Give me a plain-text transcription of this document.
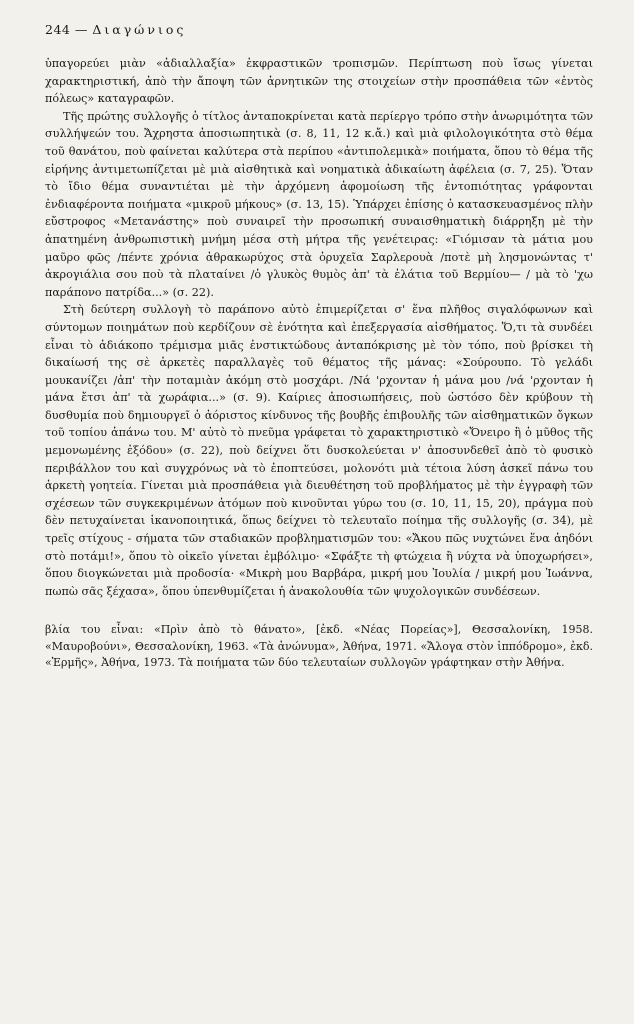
244 — Διαγώνιος

ὑπαγορεύει μιὰν «ἀδιαλλαξία» ἐκφραστικῶν τροπισμῶν. Περίπτωση ποὺ ἴσως γίνεται χαρακτηριστική, ἀπὸ τὴν ἄποψη τῶν ἀρνητικῶν της στοιχείων στὴν προσπάθεια τῶν «ἐντὸς πόλεως» καταγραφῶν.

Τῆς πρώτης συλλογῆς ὁ τίτλος ἀνταποκρίνεται κατὰ περίεργο τρόπο στὴν ἀνωριμότητα τῶν συλλήψεών του. Ἄχρηστα ἀποσιωπητικὰ (σ. 8, 11, 12 κ.ἄ.) καὶ μιὰ φιλολογικότητα στὸ θέμα τοῦ θανάτου, ποὺ φαίνεται καλύτερα στὰ περίπου «ἀντιπολεμικὰ» ποιήματα, ὅπου τὸ θέμα τῆς εἰρήνης ἀντιμετωπίζεται μὲ μιὰ αἰσθητικὰ καὶ νοηματικὰ ἀδικαίωτη ἀφέλεια (σ. 7, 25). Ὅταν τὸ ἴδιο θέμα συναντιέται μὲ τὴν ἀρχόμενη ἀφομοίωση τῆς ἐντοπιότητας γράφονται ἐνδιαφέροντα ποιήματα «μικροῦ μήκους» (σ. 13, 15). Ὑπάρχει ἐπίσης ὁ κατασκευασμένος πλὴν εὔστροφος «Μετανάστης» ποὺ συναιρεῖ τὴν προσωπική συναισθηματικὴ διάρρηξη μὲ τὴν ἀπατημένη ἀνθρωπιστικὴ μνήμη μέσα στὴ μήτρα τῆς γενέτειρας: «Γιόμισαν τὰ μάτια μου μαῦρο φῶς /πέντε χρόνια ἀθρακωρύχος στὰ ὀρυχεῖα Σαρλερουὰ /ποτὲ μὴ λησμονώντας τ' ἀκρογιάλια σου ποὺ τὰ πλαταίνει /ὁ γλυκὸς θυμὸς ἀπ' τὰ ἐλάτια τοῦ Βερμίου— / μὰ τὸ 'χω παράπονο πατρίδα...» (σ. 22).

Στὴ δεύτερη συλλογὴ τὸ παράπονο αὐτὸ ἐπιμερίζεται σ' ἕνα πλῆθος σιγαλόφωνων καὶ σύντομων ποιημάτων ποὺ κερδίζουν σὲ ἑνότητα καὶ ἐπεξεργασία αἰσθήματος. Ὅ,τι τὰ συνδέει εἶναι τὸ ἀδιάκοπο τρέμισμα μιᾶς ἐνστικτώδους ἀνταπόκρισης μὲ τὸν τόπο, ποὺ βρίσκει τὴ δικαίωσή της σὲ ἀρκετὲς παραλλαγὲς τοῦ θέματος τῆς μάνας: «Σούρουπο. Τὸ γελάδι μουκανίζει /ἀπ' τὴν ποταμιὰν ἀκόμη στὸ μοσχάρι. /Νά 'ρχονταν ἡ μάνα μου /νά 'ρχονταν ἡ μάνα ἔτσι ἀπ' τὰ χωράφια...» (σ. 9). Καίριες ἀποσιωπήσεις, ποὺ ὡστόσο δὲν κρύβουν τὴ δυσθυμία ποὺ δημιουργεῖ ὁ ἀόριστος κίνδυνος τῆς βουβῆς ἐπιβουλῆς τῶν αἰσθηματικῶν ὄγκων τοῦ τοπίου ἀπάνω του. Μ' αὐτὸ τὸ πνεῦμα γράφεται τὸ χαρακτηριστικὸ «Ὄνειρο ἢ ὁ μῦθος τῆς μεμονωμένης ἐξόδου» (σ. 22), ποὺ δείχνει ὅτι δυσκολεύεται ν' ἀποσυνδεθεῖ ἀπὸ τὸ φυσικὸ περιβάλλον του καὶ συγχρόνως νὰ τὸ ἐποπτεύσει, μολονότι μιὰ τέτοια λύση ἀσκεῖ πάνω του ἀρκετὴ γοητεία. Γίνεται μιὰ προσπάθεια γιὰ διευθέτηση τοῦ προβλήματος μὲ τὴν ἐγγραφὴ τῶν σχέσεων τῶν συγκεκριμένων ἀτόμων ποὺ κινοῦνται γύρω του (σ. 10, 11, 15, 20), πράγμα ποὺ δὲν πετυχαίνεται ἱκανοποιητικά, ὅπως δείχνει τὸ τελευταῖο ποίημα τῆς συλλογῆς (σ. 34), μὲ τρεῖς στίχους - σήματα τῶν σταδιακῶν προβληματισμῶν του: «Ἄκου πῶς νυχτώνει ἕνα ἀηδόνι στὸ ποτάμι!», ὅπου τὸ οἰκεῖο γίνεται ἐμβόλιμο· «Σφάξτε τὴ φτώχεια ἢ νύχτα νὰ ὑποχωρήσει», ὅπου διογκώνεται μιὰ προδοσία· «Μικρὴ μου Βαρβάρα, μικρή μου Ἰουλία / μικρή μου Ἰωάννα, πωπὼ σᾶς ξέχασα», ὅπου ὑπενθυμίζεται ἡ ἀνακολουθία τῶν ψυχολογικῶν συνδέσεων.

βλία του εἶναι: «Πρὶν ἀπὸ τὸ θάνατο», [ἐκδ. «Νέας Πορείας»], Θεσσαλονίκη, 1958. «Μαυροβούνι», Θεσσαλονίκη, 1963. «Τὰ ἀνώνυμα», Ἀθήνα, 1971. «Ἄλογα στὸν ἱππόδρομο», ἐκδ. «Ἑρμῆς», Ἀθήνα, 1973. Τὰ ποιήματα τῶν δύο τελευταίων συλλογῶν γράφτηκαν στὴν Ἀθήνα.
